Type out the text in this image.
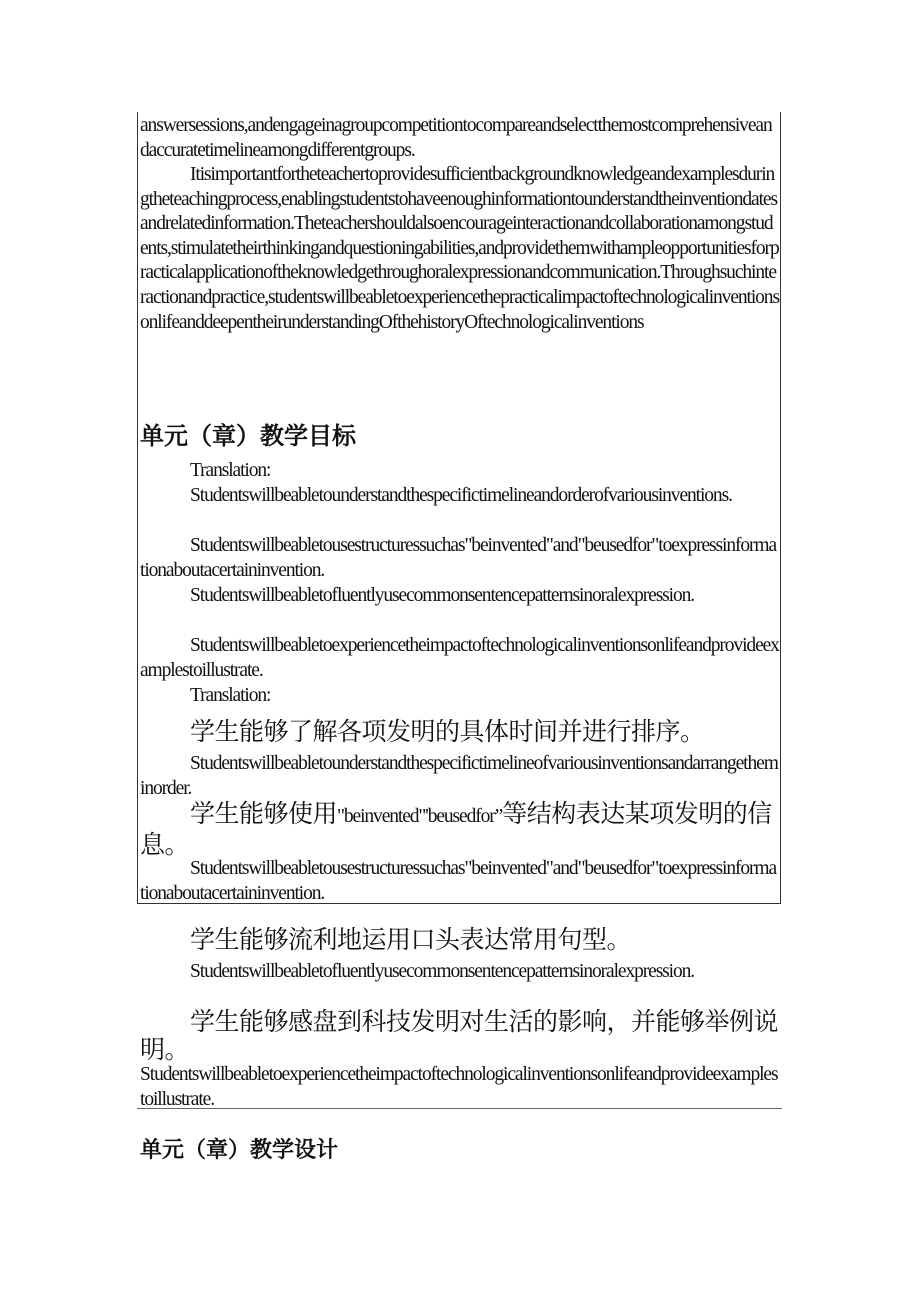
answersessions,andengageinagroupcompetitiontocompareandselectthemostcomprehensiveandaccuratetimelineamongdifferentgroups.

Itisimportantfortheteachertoprovidesufficientbackgroundknowledgeandexamplesduringtheteachingprocess,enablingstudentstohaveenoughinformationtounderstandtheinventiondatesandrelatedinformation.Theteachershouldalsoencourageinteractionandcollaborationamongstudents,stimulatetheirthinkingandquestioningabilities,andprovidethemwithampleopportunitiesforpracticalapplicationoftheknowledgethroughoralexpressionandcommunication.Throughsuchinteractionandpractice,studentswillbeabletoexperiencethepracticalimpactoftechnologicalinventionsonlifeanddeepentheirunderstandingOfthehistoryOftechnologicalinventions

单元（章）教学目标

Translation:

Studentswillbeabletounderstandthespecifictimelineandorderofvariousinventions.

Studentswillbeabletousestructuressuchas"beinvented"and"beusedfor"toexpressinformationaboutacertaininvention.

Studentswillbeabletofluentlyusecommonsentencepatternsinoralexpression.

Studentswillbeabletoexperiencetheimpactoftechnologicalinventionsonlifeandprovideexamplestoillustrate.

Translation:

学生能够了解各项发明的具体时间并进行排序。

Studentswillbeabletounderstandthespecifictimelineofvariousinventionsandarrangetheminorder.

学生能够使用"beinvented"'beusedfor”等结构表达某项发明的信息。

Studentswillbeabletousestructuressuchas"beinvented"and"beusedfor"toexpressinformationaboutacertaininvention.

学生能够流利地运用口头表达常用句型。

Studentswillbeabletofluentlyusecommonsentencepatternsinoralexpression.

学生能够感盘到科技发明对生活的影响，并能够举例说明。

Studentswillbeabletoexperiencetheimpactoftechnologicalinventionsonlifeandprovideexamplestoillustrate.

单元（章）教学设计
